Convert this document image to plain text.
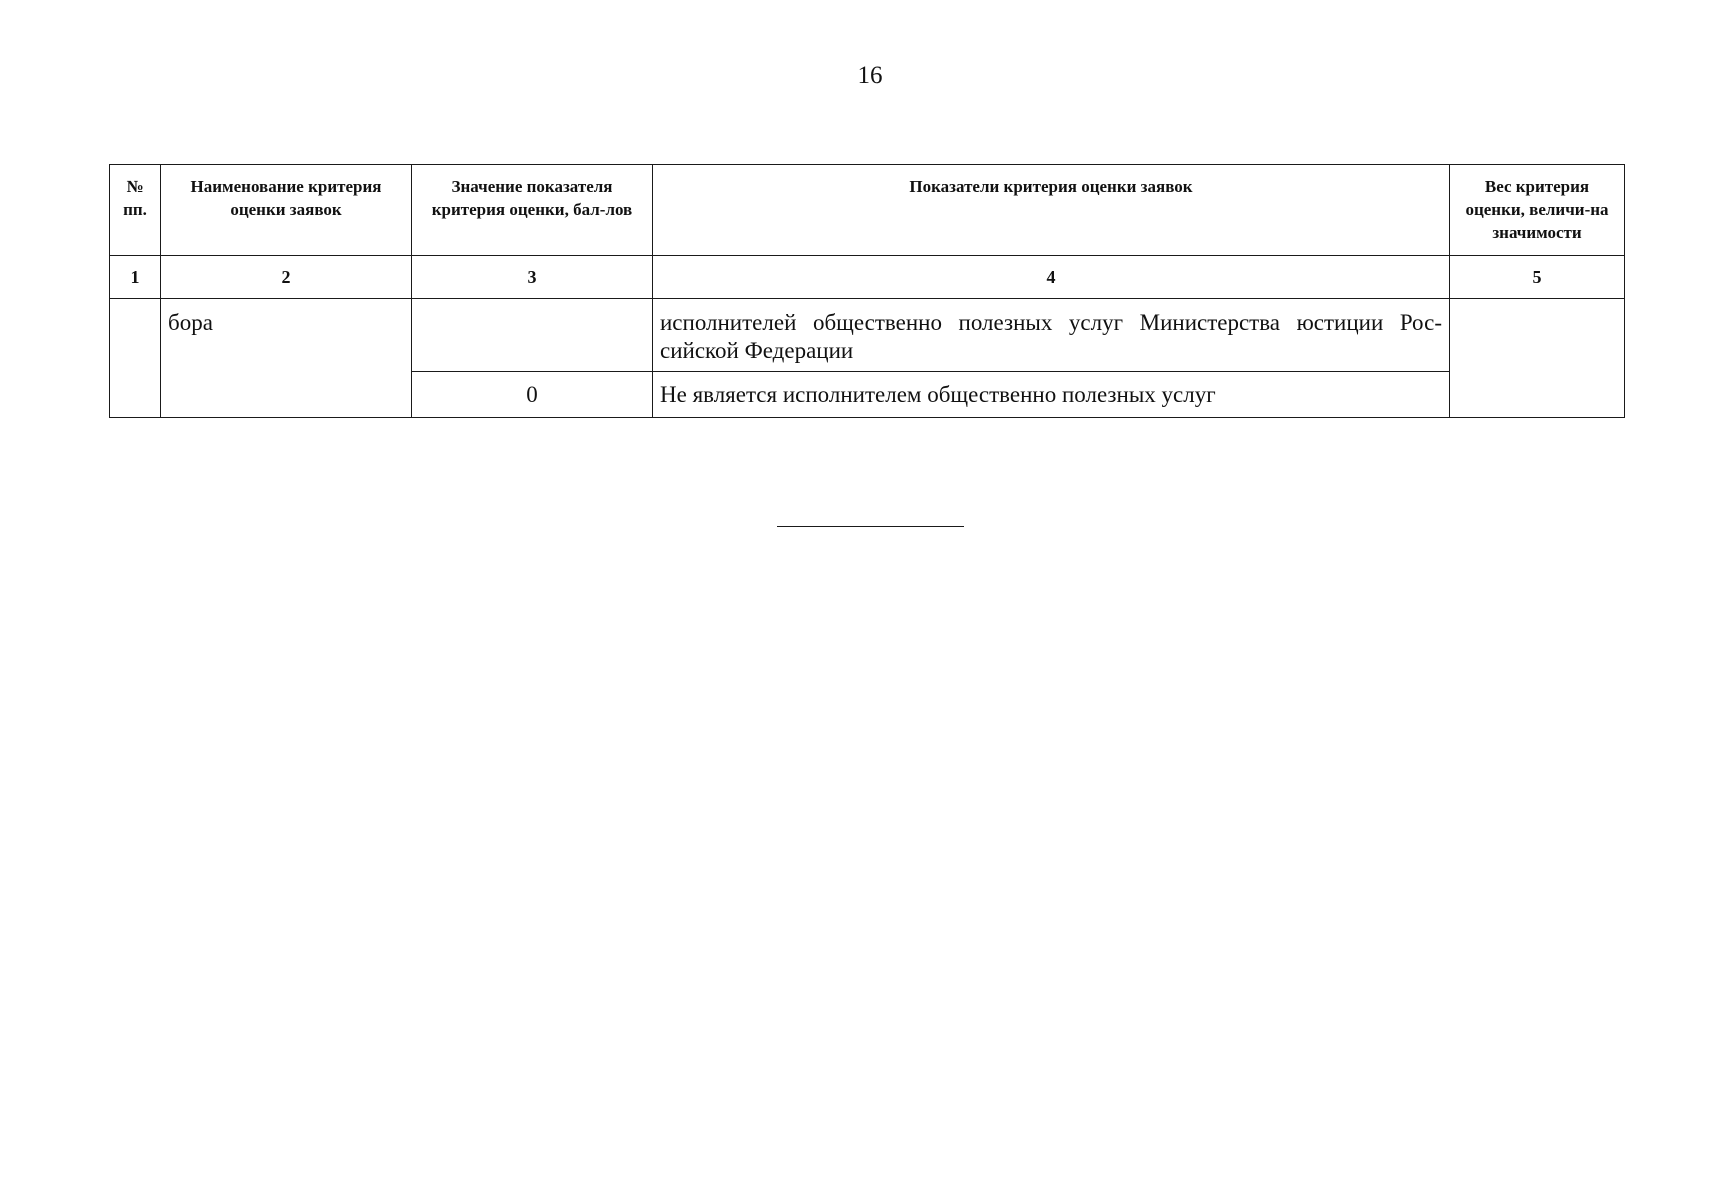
16
№ пп.	Наименование критерия оценки заявок	Значение показателя критерия оценки, бал-лов	Показатели критерия оценки заявок	Вес критерия оценки, величи-на значимости
1	2	3	4	5
	бора		исполнителей общественно полезных услуг Министерства юстиции Рос-сийской Федерации	
		0	Не является исполнителем общественно полезных услуг	
